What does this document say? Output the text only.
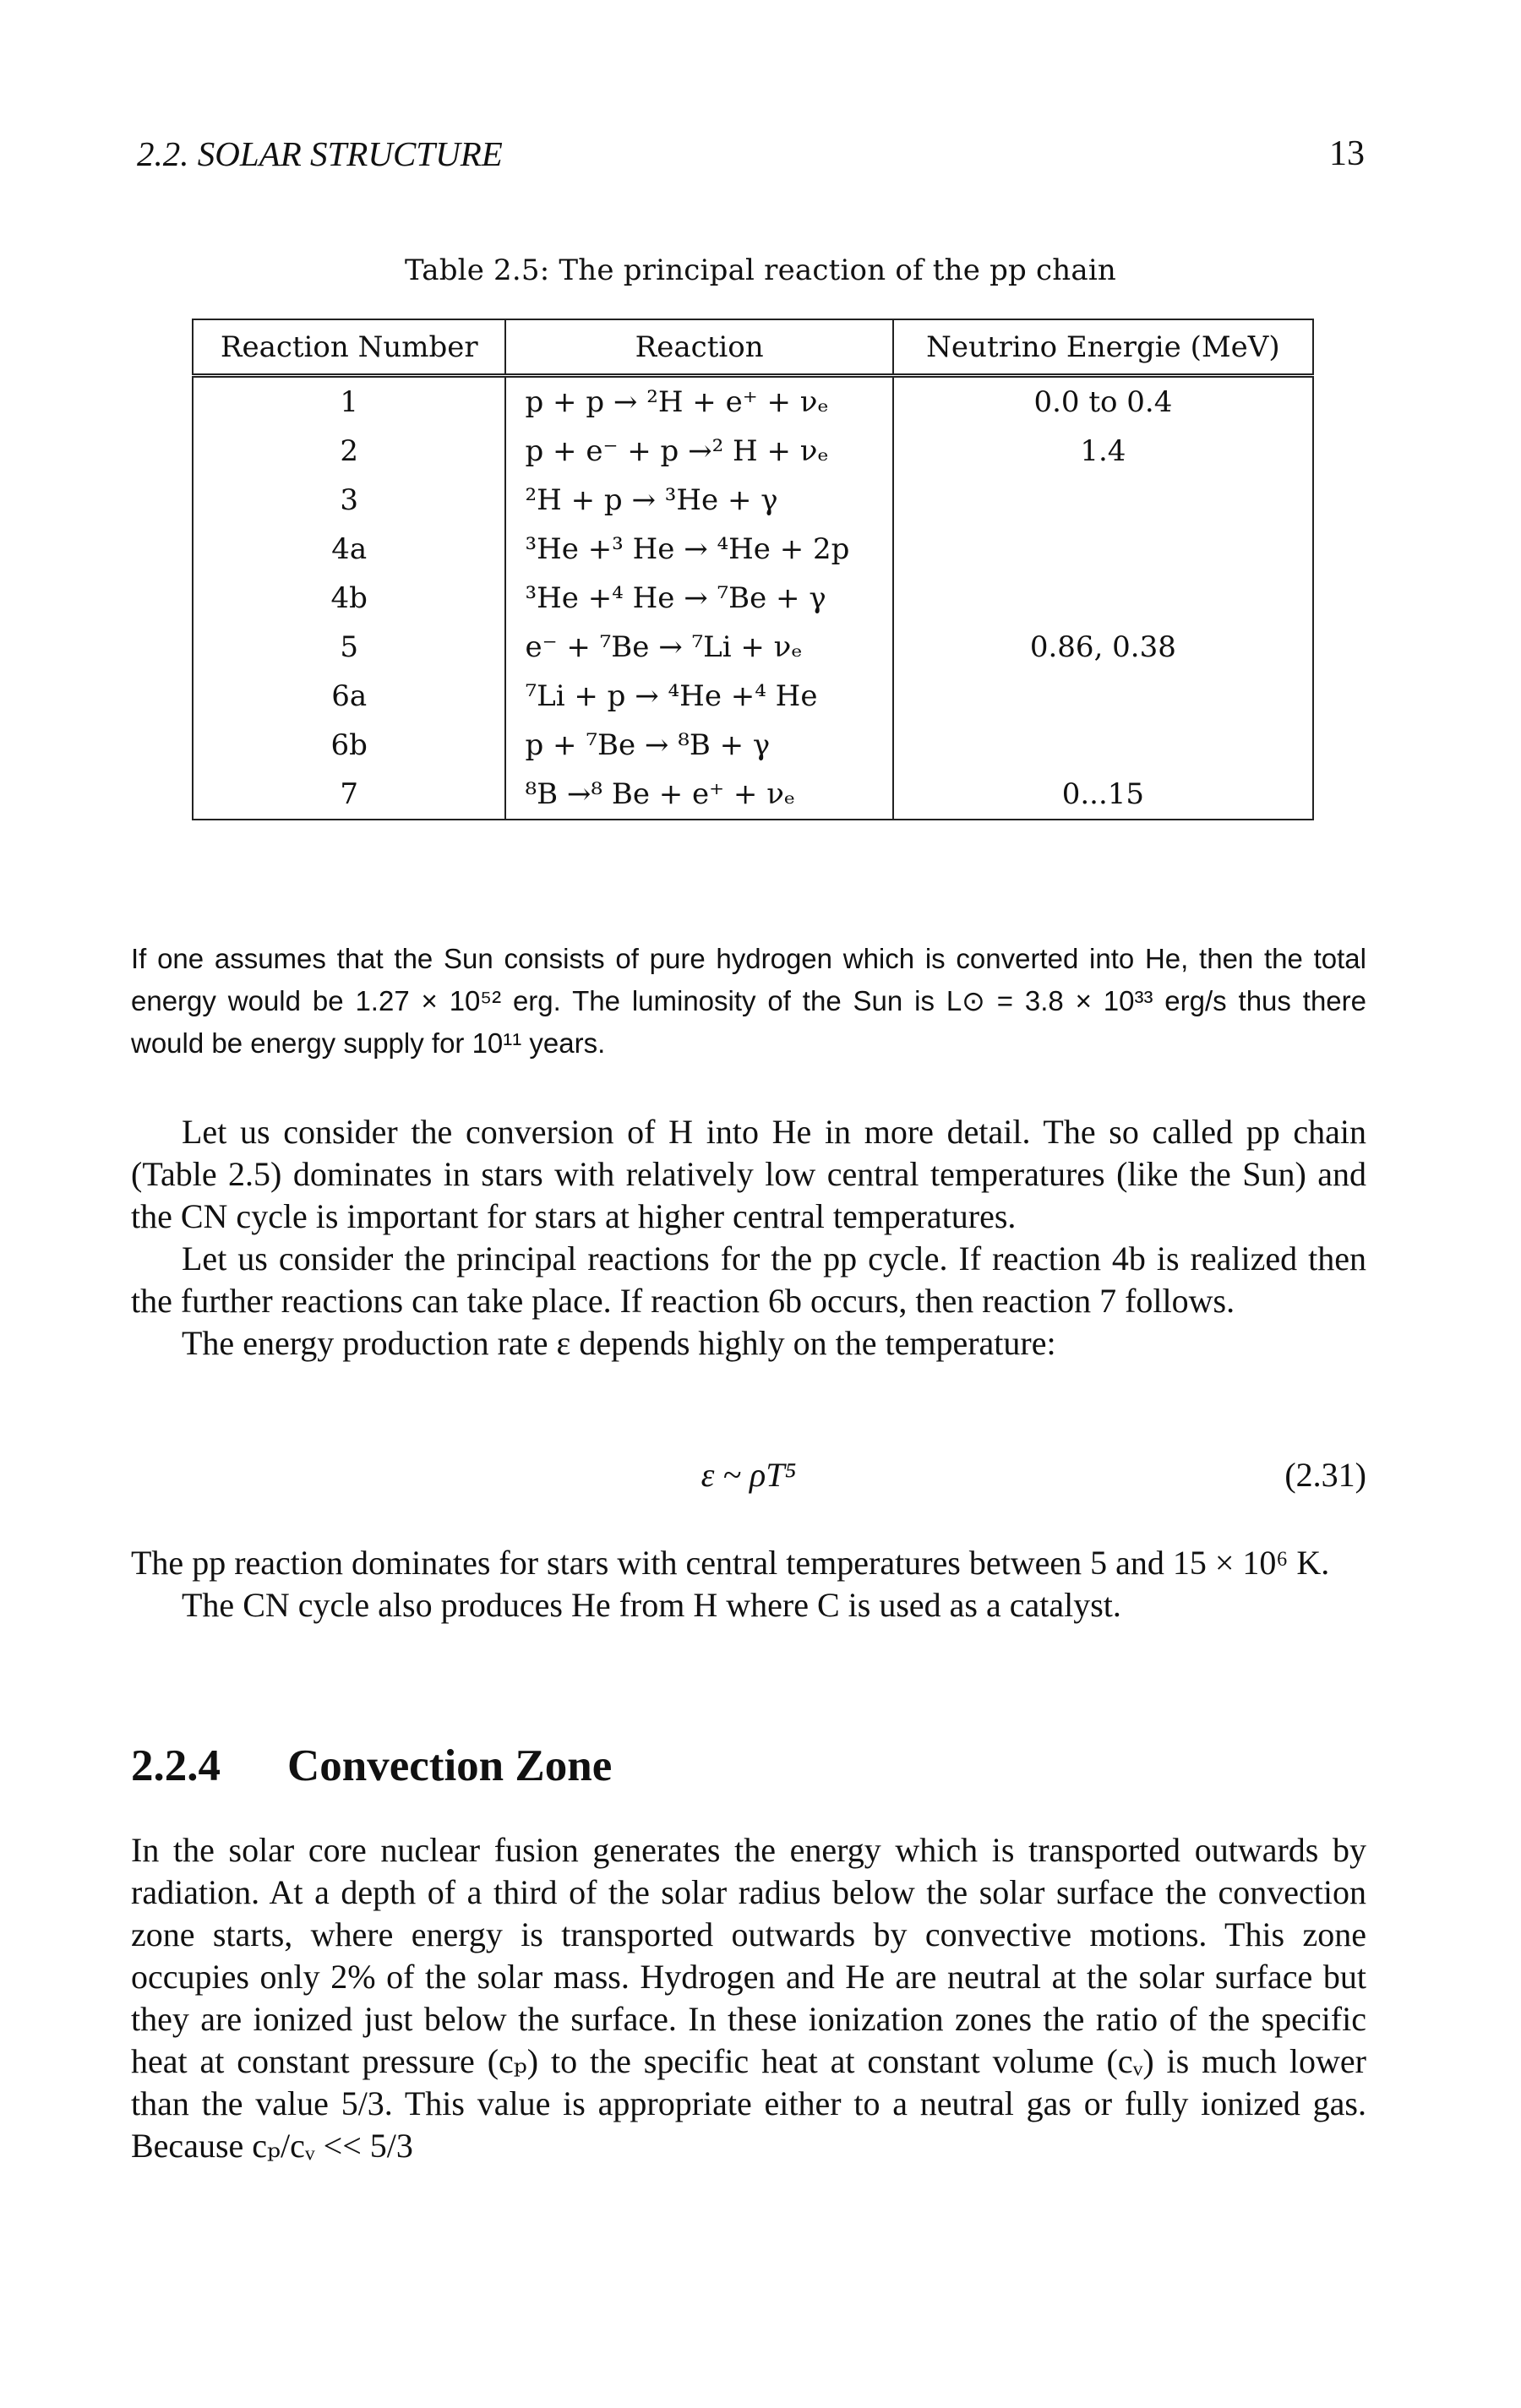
2.2. SOLAR STRUCTURE	13
Table 2.5: The principal reaction of the pp chain
Reaction Number	Reaction	Neutrino Energie (MeV)
1	p + p → ²H + e⁺ + νₑ	0.0 to 0.4
2	p + e⁻ + p →² H + νₑ	1.4
3	²H + p → ³He + γ	
4a	³He +³ He → ⁴He + 2p	
4b	³He +⁴ He → ⁷Be + γ	
5	e⁻ + ⁷Be → ⁷Li + νₑ	0.86, 0.38
6a	⁷Li + p → ⁴He +⁴ He	
6b	p + ⁷Be → ⁸B + γ	
7	⁸B →⁸ Be + e⁺ + νₑ	0...15

If one assumes that the Sun consists of pure hydrogen which is converted into He, then the total energy would be 1.27 × 10⁵² erg. The luminosity of the Sun is L⊙ = 3.8 × 10³³ erg/s thus there would be energy supply for 10¹¹ years.

Let us consider the conversion of H into He in more detail. The so called pp chain (Table 2.5) dominates in stars with relatively low central temperatures (like the Sun) and the CN cycle is important for stars at higher central temperatures.

Let us consider the principal reactions for the pp cycle. If reaction 4b is realized then the further reactions can take place. If reaction 6b occurs, then reaction 7 follows.

The energy production rate ε depends highly on the temperature:

ε ~ ρT⁵	(2.31)

The pp reaction dominates for stars with central temperatures between 5 and 15 × 10⁶ K.

The CN cycle also produces He from H where C is used as a catalyst.

2.2.4 Convection Zone

In the solar core nuclear fusion generates the energy which is transported outwards by radiation. At a depth of a third of the solar radius below the solar surface the convection zone starts, where energy is transported outwards by convective motions. This zone occupies only 2% of the solar mass. Hydrogen and He are neutral at the solar surface but they are ionized just below the surface. In these ionization zones the ratio of the specific heat at constant pressure (cₚ) to the specific heat at constant volume (cᵥ) is much lower than the value 5/3. This value is appropriate either to a neutral gas or fully ionized gas. Because cₚ/cᵥ << 5/3
